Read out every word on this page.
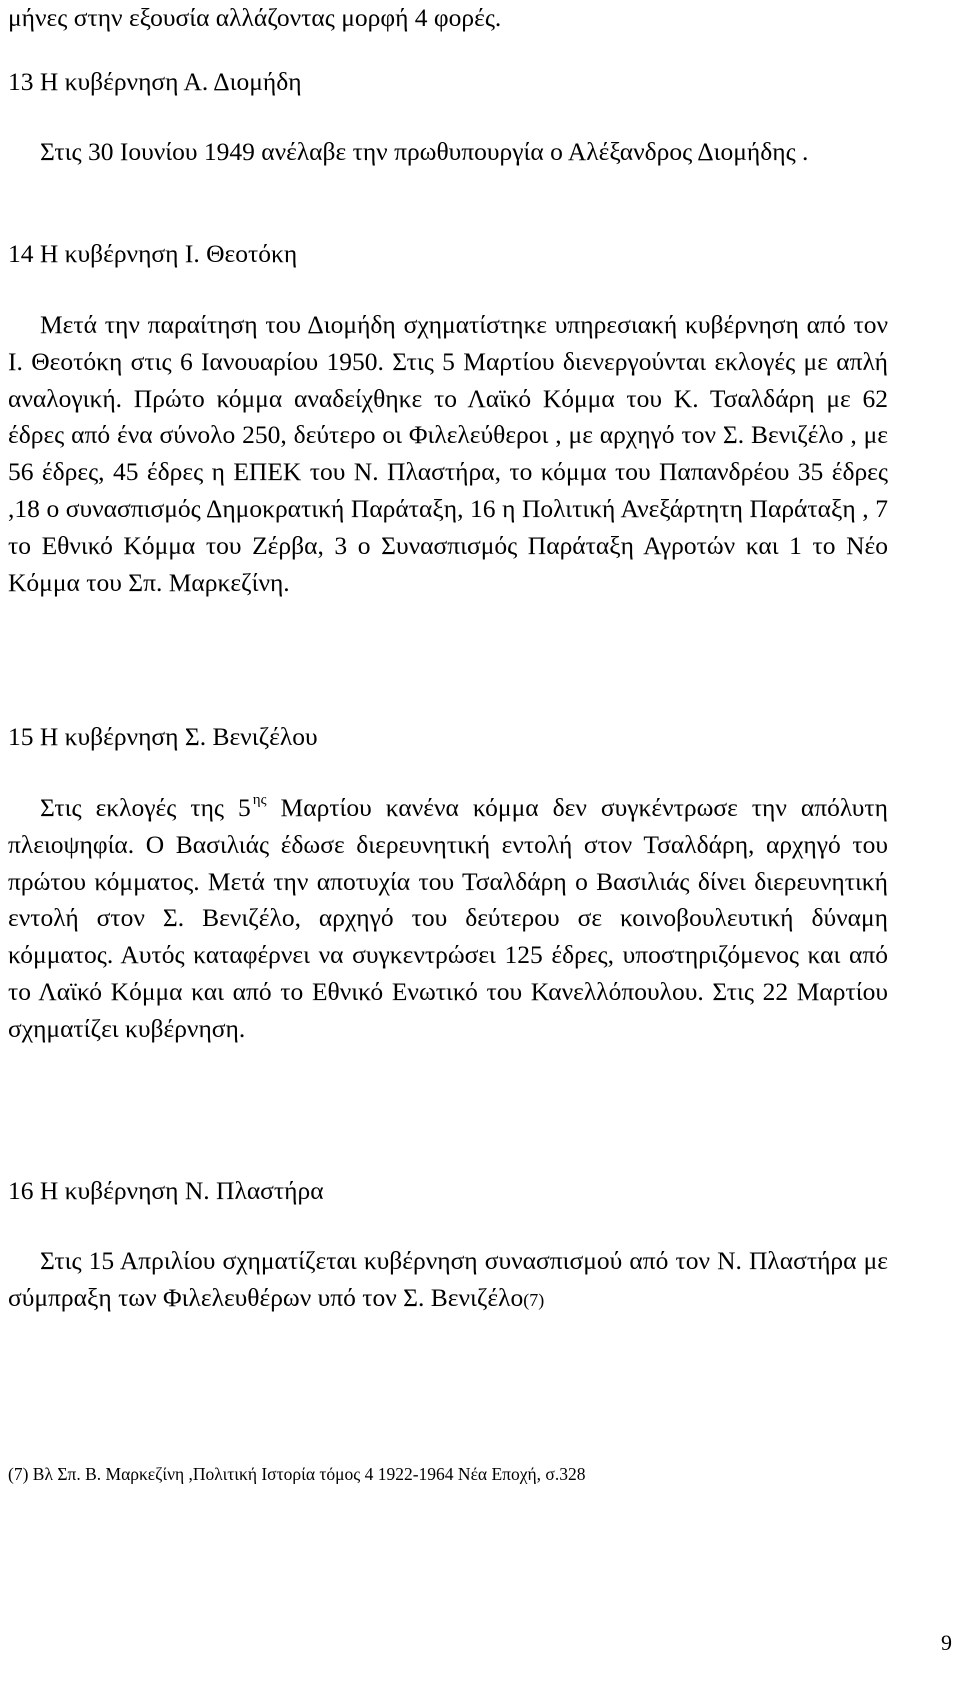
μήνες στην εξουσία αλλάζοντας μορφή 4 φορές.

13 Η κυβέρνηση Α. Διομήδη

Στις 30 Ιουνίου 1949 ανέλαβε την πρωθυπουργία ο Αλέξανδρος Διομήδης .

14 Η κυβέρνηση Ι. Θεοτόκη

Μετά την παραίτηση του Διομήδη σχηματίστηκε υπηρεσιακή κυβέρνηση από τον Ι. Θεοτόκη στις 6 Ιανουαρίου 1950. Στις 5 Μαρτίου διενεργούνται εκλογές με απλή αναλογική. Πρώτο κόμμα αναδείχθηκε το Λαϊκό Κόμμα του Κ. Τσαλδάρη με 62 έδρες από ένα σύνολο 250, δεύτερο οι Φιλελεύθεροι , με αρχηγό τον Σ. Βενιζέλο , με 56 έδρες, 45 έδρες η ΕΠΕΚ του Ν. Πλαστήρα, το κόμμα του Παπανδρέου 35 έδρες ,18 ο συνασπισμός Δημοκρατική Παράταξη, 16 η Πολιτική Ανεξάρτητη Παράταξη , 7 το Εθνικό Κόμμα του Ζέρβα, 3 ο Συνασπισμός Παράταξη Αγροτών και 1 το Νέο Κόμμα του Σπ. Μαρκεζίνη.

15 Η κυβέρνηση Σ. Βενιζέλου

Στις εκλογές της 5 $^{\eta\varsigma}$ Μαρτίου κανένα κόμμα δεν συγκέντρωσε την απόλυτη πλειοψηφία. Ο Βασιλιάς έδωσε διερευνητική εντολή στον Τσαλδάρη, αρχηγό του πρώτου κόμματος. Μετά την αποτυχία του Τσαλδάρη ο Βασιλιάς δίνει διερευνητική εντολή στον Σ. Βενιζέλο, αρχηγό του δεύτερου σε κοινοβουλευτική δύναμη κόμματος. Αυτός καταφέρνει να συγκεντρώσει 125 έδρες, υποστηριζόμενος και από το Λαϊκό Κόμμα και από το Εθνικό Ενωτικό του Κανελλόπουλου. Στις 22 Μαρτίου σχηματίζει κυβέρνηση.

16 Η κυβέρνηση Ν. Πλαστήρα

Στις 15 Απριλίου σχηματίζεται κυβέρνηση συνασπισμού από τον Ν. Πλαστήρα με σύμπραξη των Φιλελευθέρων υπό τον Σ. Βενιζέλο(7)

(7) Βλ Σπ. Β. Μαρκεζίνη ,Πολιτική Ιστορία τόμος 4 1922-1964 Νέα Εποχή, σ.328

9
